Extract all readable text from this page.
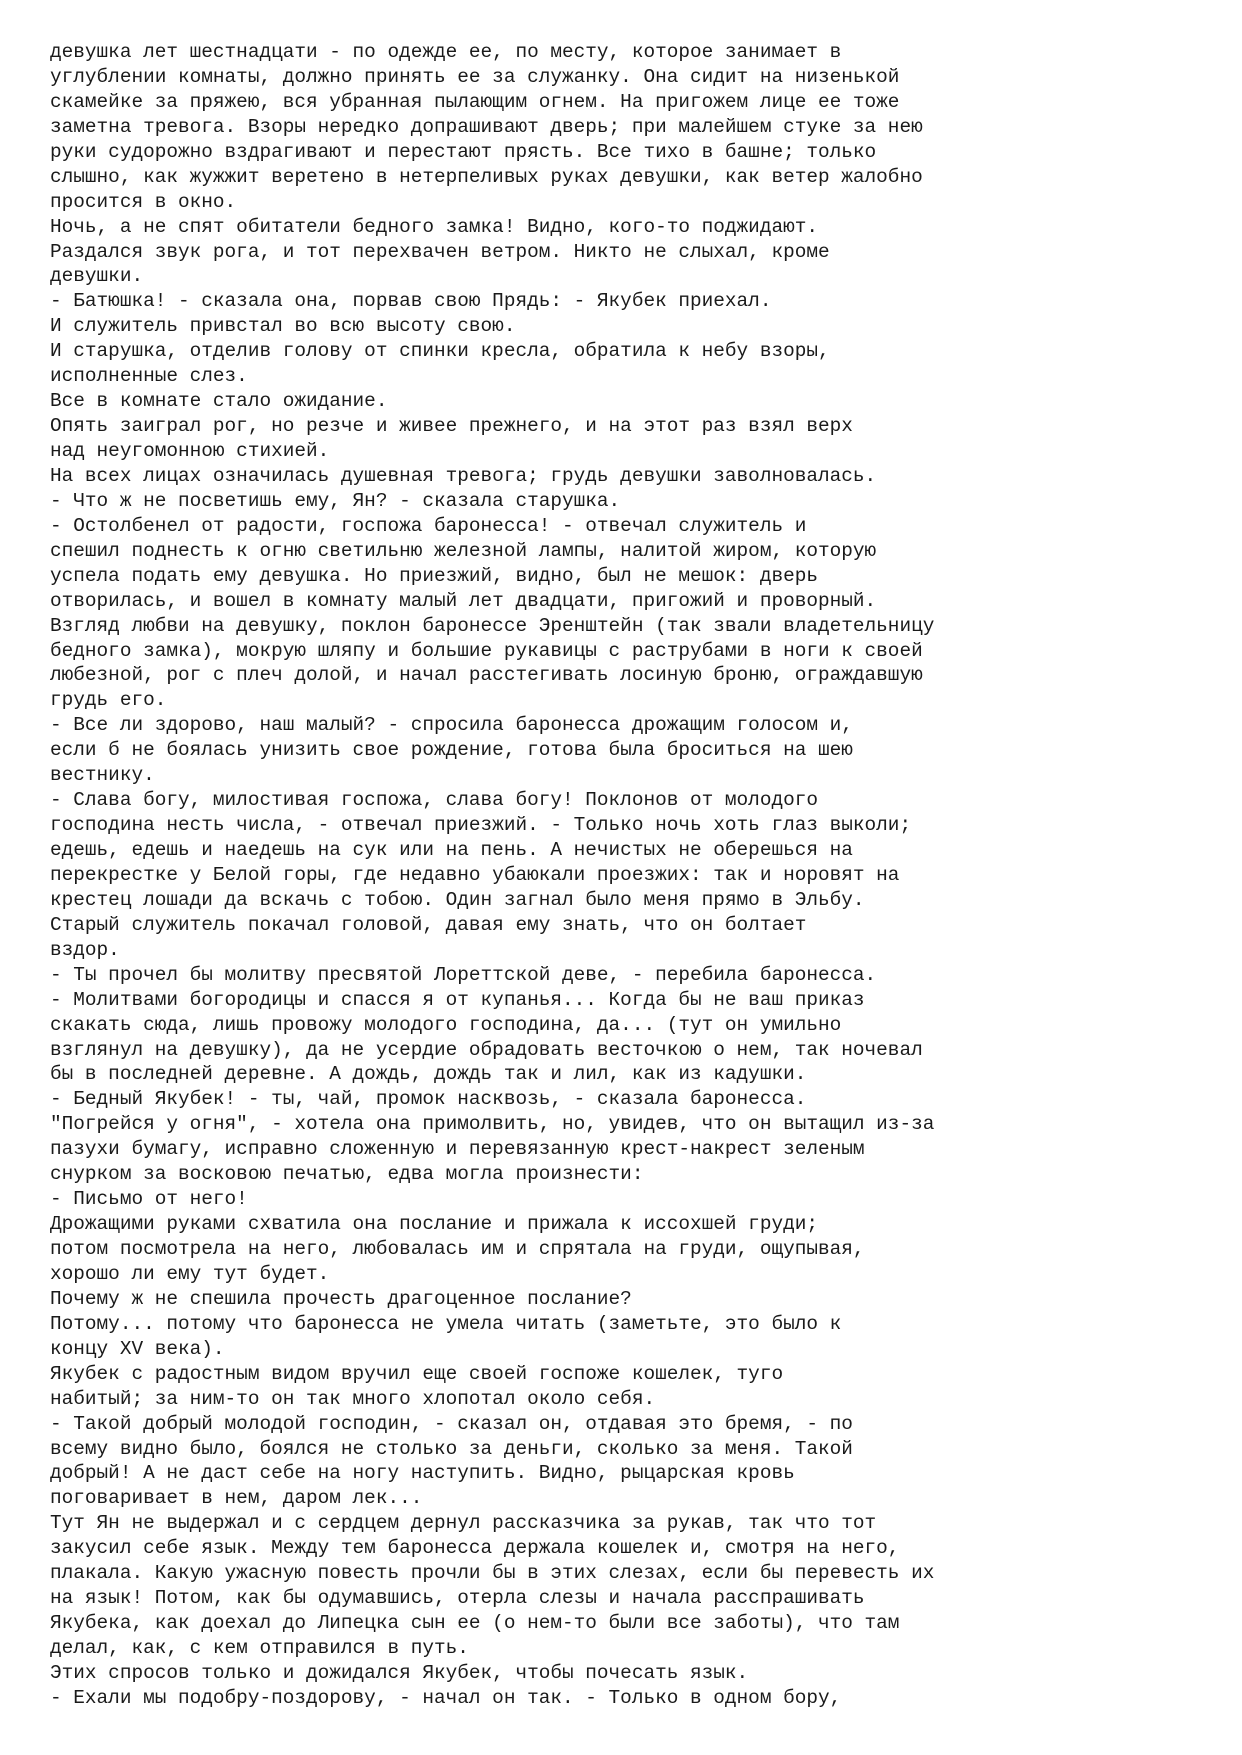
девушка лет шестнадцати - по одежде ее, по месту, которое занимает в
углублении комнаты, должно принять ее за служанку. Она сидит на низенькой
скамейке за пряжею, вся убранная пылающим огнем. На пригожем лице ее тоже
заметна тревога. Взоры нередко допрашивают дверь; при малейшем стуке за нею
руки судорожно вздрагивают и перестают прясть. Все тихо в башне; только
слышно, как жужжит веретено в нетерпеливых руках девушки, как ветер жалобно
просится в окно.
Ночь, а не спят обитатели бедного замка! Видно, кого-то поджидают.
Раздался звук рога, и тот перехвачен ветром. Никто не слыхал, кроме
девушки.
- Батюшка! - сказала она, порвав свою Прядь: - Якубек приехал.
И служитель привстал во всю высоту свою.
И старушка, отделив голову от спинки кресла, обратила к небу взоры,
исполненные слез.
Все в комнате стало ожидание.
Опять заиграл рог, но резче и живее прежнего, и на этот раз взял верх
над неугомонною стихией.
На всех лицах означилась душевная тревога; грудь девушки заволновалась.
- Что ж не посветишь ему, Ян? - сказала старушка.
- Остолбенел от радости, госпожа баронесса! - отвечал служитель и
спешил поднесть к огню светильню железной лампы, налитой жиром, которую
успела подать ему девушка. Но приезжий, видно, был не мешок: дверь
отворилась, и вошел в комнату малый лет двадцати, пригожий и проворный.
Взгляд любви на девушку, поклон баронессе Эренштейн (так звали владетельницу
бедного замка), мокрую шляпу и большие рукавицы с раструбами в ноги к своей
любезной, рог с плеч долой, и начал расстегивать лосиную броню, ограждавшую
грудь его.
- Все ли здорово, наш малый? - спросила баронесса дрожащим голосом и,
если б не боялась унизить свое рождение, готова была броситься на шею
вестнику.
- Слава богу, милостивая госпожа, слава богу! Поклонов от молодого
господина несть числа, - отвечал приезжий. - Только ночь хоть глаз выколи;
едешь, едешь и наедешь на сук или на пень. А нечистых не оберешься на
перекрестке у Белой горы, где недавно убаюкали проезжих: так и норовят на
крестец лошади да вскачь с тобою. Один загнал было меня прямо в Эльбу.
Старый служитель покачал головой, давая ему знать, что он болтает
вздор.
- Ты прочел бы молитву пресвятой Лореттской деве, - перебила баронесса.
- Молитвами богородицы и спасся я от купанья... Когда бы не ваш приказ
скакать сюда, лишь провожу молодого господина, да... (тут он умильно
взглянул на девушку), да не усердие обрадовать весточкою о нем, так ночевал
бы в последней деревне. А дождь, дождь так и лил, как из кадушки.
- Бедный Якубек! - ты, чай, промок насквозь, - сказала баронесса.
"Погрейся у огня", - хотела она примолвить, но, увидев, что он вытащил из-за
пазухи бумагу, исправно сложенную и перевязанную крест-накрест зеленым
снурком за восковою печатью, едва могла произнести:
- Письмо от него!
Дрожащими руками схватила она послание и прижала к иссохшей груди;
потом посмотрела на него, любовалась им и спрятала на груди, ощупывая,
хорошо ли ему тут будет.
Почему ж не спешила прочесть драгоценное послание?
Потому... потому что баронесса не умела читать (заметьте, это было к
концу XV века).
Якубек с радостным видом вручил еще своей госпоже кошелек, туго
набитый; за ним-то он так много хлопотал около себя.
- Такой добрый молодой господин, - сказал он, отдавая это бремя, - по
всему видно было, боялся не столько за деньги, сколько за меня. Такой
добрый! А не даст себе на ногу наступить. Видно, рыцарская кровь
поговаривает в нем, даром лек...
Тут Ян не выдержал и с сердцем дернул рассказчика за рукав, так что тот
закусил себе язык. Между тем баронесса держала кошелек и, смотря на него,
плакала. Какую ужасную повесть прочли бы в этих слезах, если бы перевесть их
на язык! Потом, как бы одумавшись, отерла слезы и начала расспрашивать
Якубека, как доехал до Липецка сын ее (о нем-то были все заботы), что там
делал, как, с кем отправился в путь.
Этих спросов только и дожидался Якубек, чтобы почесать язык.
- Ехали мы подобру-поздорову, - начал он так. - Только в одном бору,
